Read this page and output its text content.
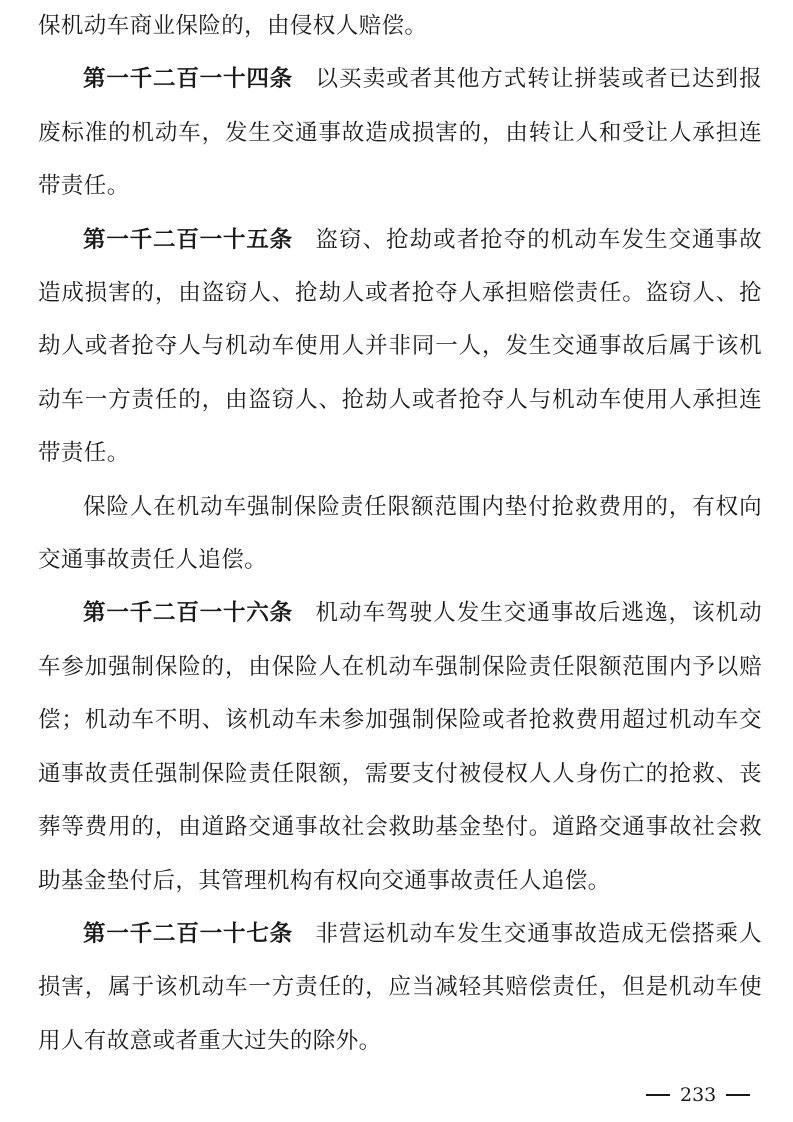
保机动车商业保险的，由侵权人赔偿。

第一千二百一十四条 以买卖或者其他方式转让拼装或者已达到报废标准的机动车，发生交通事故造成损害的，由转让人和受让人承担连带责任。

第一千二百一十五条 盗窃、抢劫或者抢夺的机动车发生交通事故造成损害的，由盗窃人、抢劫人或者抢夺人承担赔偿责任。盗窃人、抢劫人或者抢夺人与机动车使用人并非同一人，发生交通事故后属于该机动车一方责任的，由盗窃人、抢劫人或者抢夺人与机动车使用人承担连带责任。

保险人在机动车强制保险责任限额范围内垫付抢救费用的，有权向交通事故责任人追偿。

第一千二百一十六条 机动车驾驶人发生交通事故后逃逸，该机动车参加强制保险的，由保险人在机动车强制保险责任限额范围内予以赔偿；机动车不明、该机动车未参加强制保险或者抢救费用超过机动车交通事故责任强制保险责任限额，需要支付被侵权人人身伤亡的抢救、丧葬等费用的，由道路交通事故社会救助基金垫付。道路交通事故社会救助基金垫付后，其管理机构有权向交通事故责任人追偿。

第一千二百一十七条 非营运机动车发生交通事故造成无偿搭乘人损害，属于该机动车一方责任的，应当减轻其赔偿责任，但是机动车使用人有故意或者重大过失的除外。

233
